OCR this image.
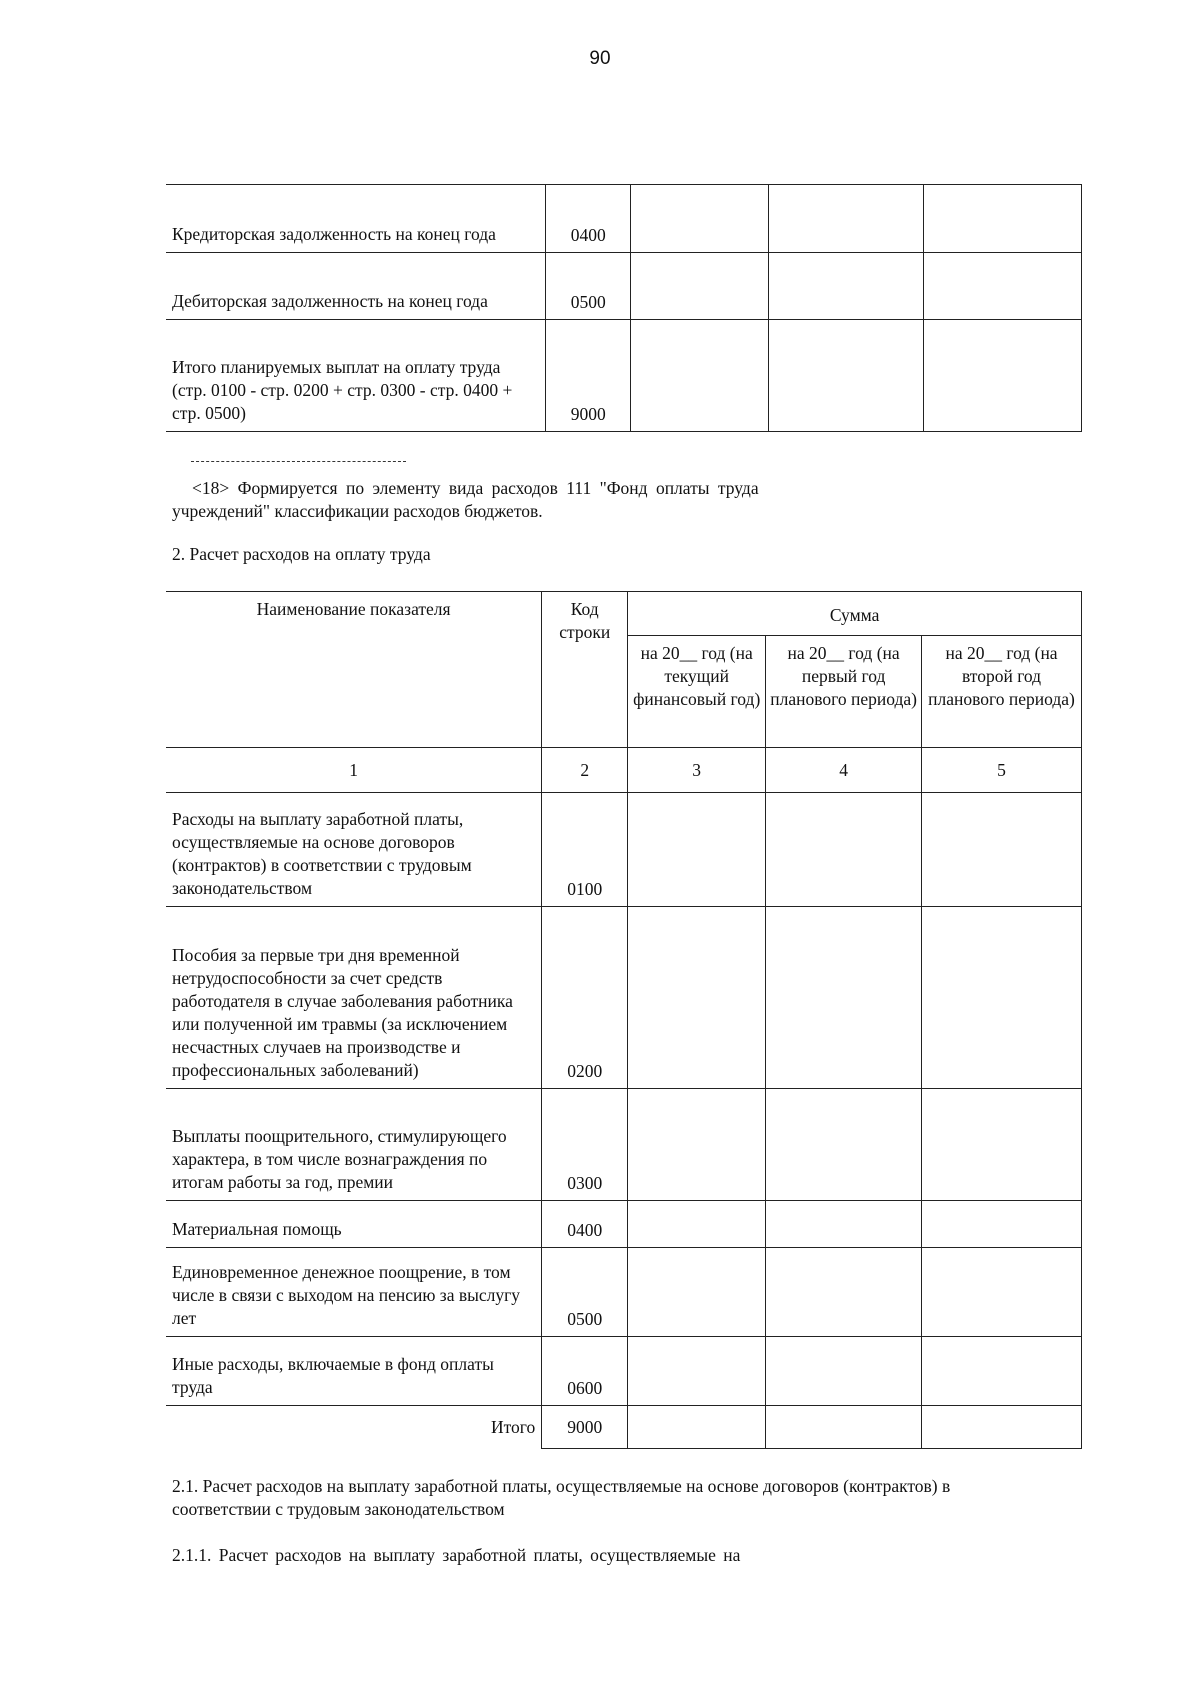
90
Кредиторская задолженность на конец года	0400			
Дебиторская задолженность на конец года	0500			
Итого планируемых выплат на оплату труда (стр. 0100 - стр. 0200 + стр. 0300 - стр. 0400 + стр. 0500)	9000			
<18> Формируется по элементу вида расходов 111 "Фонд оплаты труда
учреждений" классификации расходов бюджетов.
2. Расчет расходов на оплату труда
Наименование показателя	Код строки	Сумма		
		на 20__ год (на текущий финансовый год)	на 20__ год (на первый год планового периода)	на 20__ год (на второй год планового периода)
1	2	3	4	5
Расходы на выплату заработной платы, осуществляемые на основе договоров (контрактов) в соответствии с трудовым законодательством	0100			
Пособия за первые три дня временной нетрудоспособности за счет средств работодателя в случае заболевания работника или полученной им травмы (за исключением несчастных случаев на производстве и профессиональных заболеваний)	0200			
Выплаты поощрительного, стимулирующего характера, в том числе вознаграждения по итогам работы за год, премии	0300			
Материальная помощь	0400			
Единовременное денежное поощрение, в том числе в связи с выходом на пенсию за выслугу лет	0500			
Иные расходы, включаемые в фонд оплаты труда	0600			
Итого	9000			
2.1. Расчет расходов на выплату заработной платы, осуществляемые на основе договоров (контрактов) в соответствии с трудовым законодательством
2.1.1. Расчет расходов на выплату заработной платы, осуществляемые на
